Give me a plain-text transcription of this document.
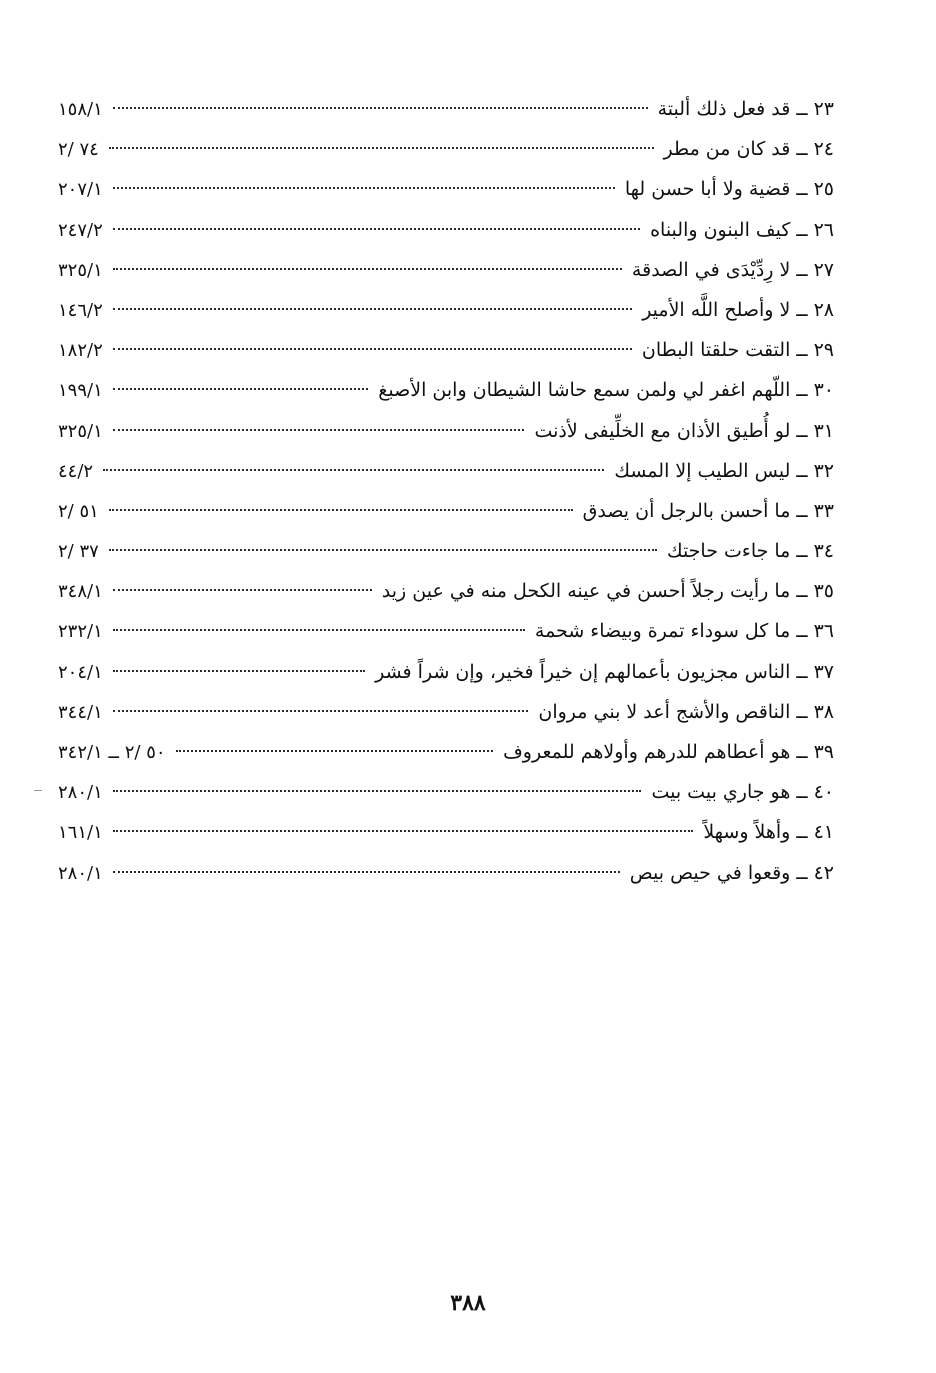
٢٣ ــ قد فعل ذلك ألبتة
١٥٨/١
٢٤ ــ قد كان من مطر
٧٤ /٢
٢٥ ــ قضية ولا أبا حسن لها
٢٠٧/١
٢٦ ــ كيف البنون والبناه
٢٤٧/٢
٢٧ ــ لا رِدِّيْدَى في الصدقة
٣٢٥/١
٢٨ ــ لا وأصلح اللَّه الأمير
١٤٦/٢
٢٩ ــ التقت حلقتا البطان
١٨٢/٢
٣٠ ــ اللّهم اغفر لي ولمن سمع حاشا الشيطان وابن الأصبغ
١٩٩/١
٣١ ــ لو أُطيق الأذان مع الخلِّيفى لأذنت
٣٢٥/١
٣٢ ــ ليس الطيب إلا المسك
٤٤/٢
٣٣ ــ ما أحسن بالرجل أن يصدق
٥١ /٢
٣٤ ــ ما جاءت حاجتك
٣٧ /٢
٣٥ ــ ما رأيت رجلاً أحسن في عينه الكحل منه في عين زيد
٣٤٨/١
٣٦ ــ ما كل سوداء تمرة وبيضاء شحمة
٢٣٢/١
٣٧ ــ الناس مجزيون بأعمالهم إن خيراً فخير، وإن شراً فشر
٢٠٤/١
٣٨ ــ الناقص والأشج أعد لا بني مروان
٣٤٤/١
٣٩ ــ هو أعطاهم للدرهم وأولاهم للمعروف
٥٠ /٢ ــ ٣٤٢/١
٤٠ ــ هو جاري بيت بيت
٢٨٠/١
٤١ ــ وأهلاً وسهلاً
١٦١/١
٤٢ ــ وقعوا في حيص بيص
٢٨٠/١
٣٨٨
